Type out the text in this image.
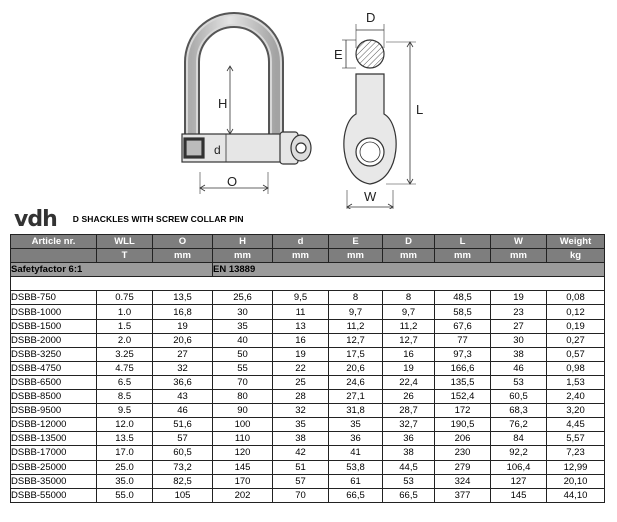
H
d
O
D
E
L
W
vdh D SHACKLES WITH SCREW COLLAR PIN
Safetyfactor 6:1			EN 13889						

Article nr.	WLL	O	H	d	E	D	L	W	Weight
	T	mm	mm	mm	mm	mm	mm	mm	kg
DSBB-750	0.75	13,5	25,6	9,5	8	8	48,5	19	0,08
DSBB-1000	1.0	16,8	30	11	9,7	9,7	58,5	23	0,12
DSBB-1500	1.5	19	35	13	11,2	11,2	67,6	27	0,19
DSBB-2000	2.0	20,6	40	16	12,7	12,7	77	30	0,27
DSBB-3250	3.25	27	50	19	17,5	16	97,3	38	0,57
DSBB-4750	4.75	32	55	22	20,6	19	166,6	46	0,98
DSBB-6500	6.5	36,6	70	25	24,6	22,4	135,5	53	1,53
DSBB-8500	8.5	43	80	28	27,1	26	152,4	60,5	2,40
DSBB-9500	9.5	46	90	32	31,8	28,7	172	68,3	3,20
DSBB-12000	12.0	51,6	100	35	35	32,7	190,5	76,2	4,45
DSBB-13500	13.5	57	110	38	36	36	206	84	5,57
DSBB-17000	17.0	60,5	120	42	41	38	230	92,2	7,23
DSBB-25000	25.0	73,2	145	51	53,8	44,5	279	106,4	12,99
DSBB-35000	35.0	82,5	170	57	61	53	324	127	20,10
DSBB-55000	55.0	105	202	70	66,5	66,5	377	145	44,10
